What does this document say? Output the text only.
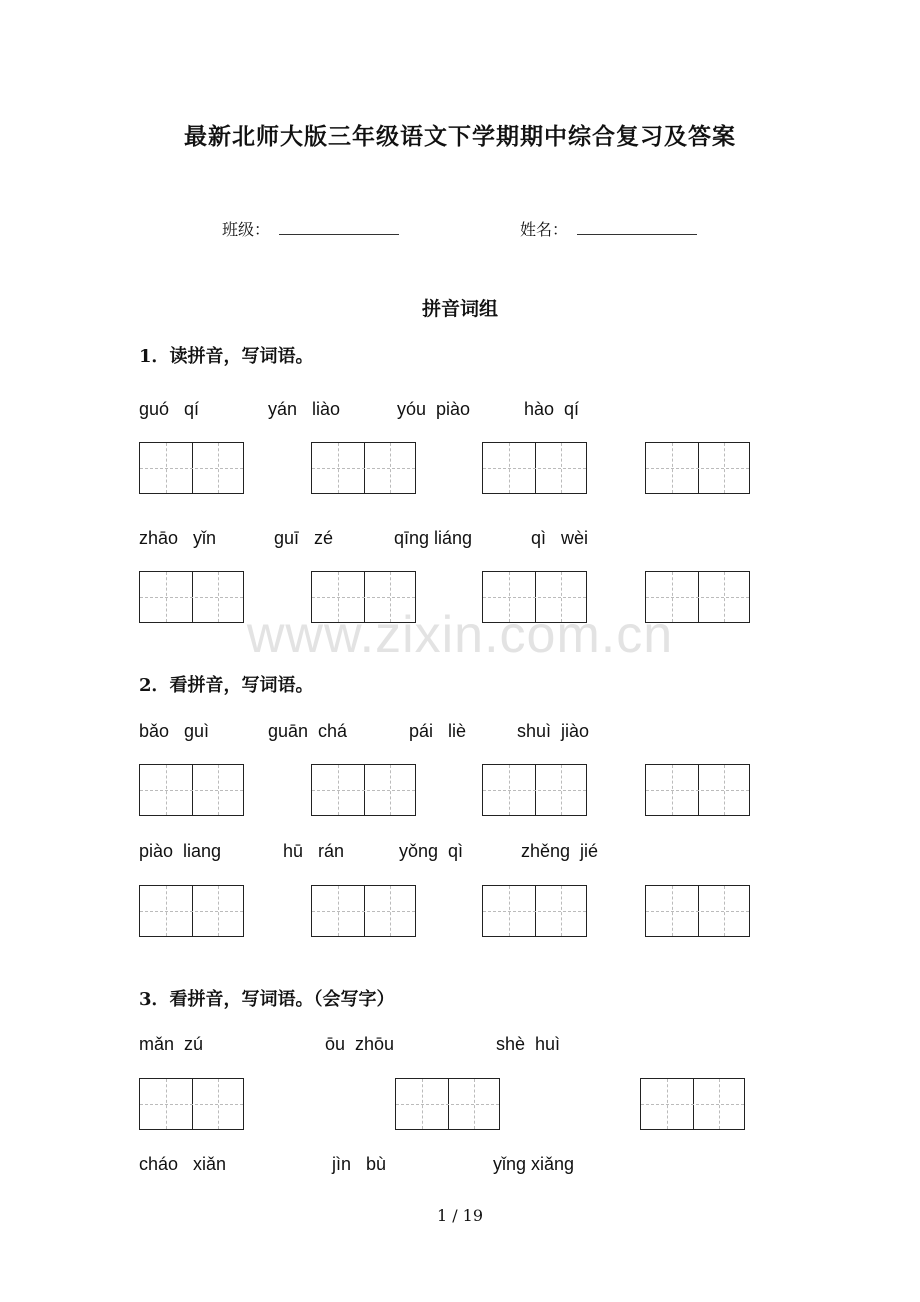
最新北师大版三年级语文下学期期中综合复习及答案
班级：	姓名：
拼音词组
1．读拼音，写词语。
guó   qí	yán   liào	yóu  piào	hào  qí
zhāo   yǐn	guī   zé	qīng liáng	qì   wèi
www.zixin.com.cn
2．看拼音，写词语。
bǎo   guì	guān  chá	pái   liè	shuì  jiào
piào  liang	hū   rán	yǒng  qì	zhěng  jié
3．看拼音，写词语。（会写字）
mǎn  zú	ōu  zhōu	shè  huì
cháo   xiǎn	jìn   bù	yǐng xiǎng
1 / 19
